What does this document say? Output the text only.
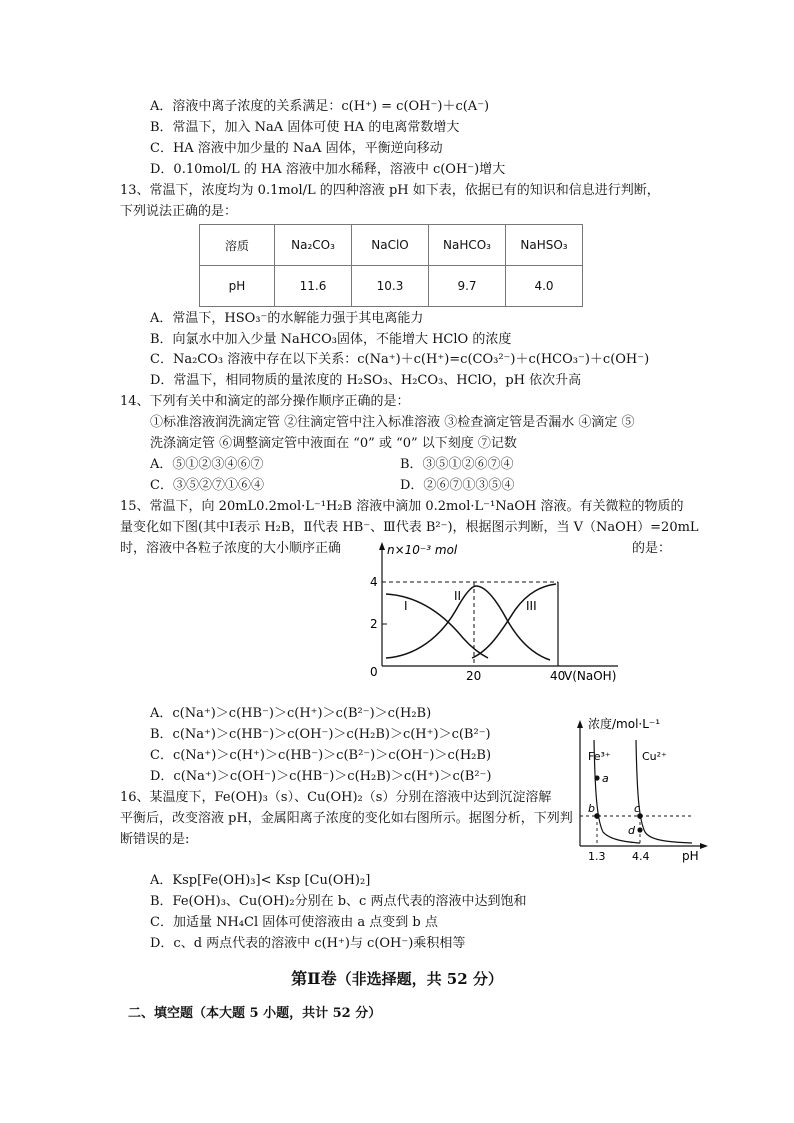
A．溶液中离子浓度的关系满足：c(H⁺) = c(OH⁻)＋c(A⁻)
B．常温下，加入 NaA 固体可使 HA 的电离常数增大
C．HA 溶液中加少量的 NaA 固体，平衡逆向移动
D．0.10mol/L 的 HA 溶液中加水稀释，溶液中 c(OH⁻)增大
13、常温下，浓度均为 0.1mol/L 的四种溶液 pH 如下表，依据已有的知识和信息进行判断，
下列说法正确的是：
溶质	Na₂CO₃	NaClO	NaHCO₃	NaHSO₃
pH	11.6	10.3	9.7	4.0
A．常温下，HSO₃⁻的水解能力强于其电离能力
B．向氯水中加入少量 NaHCO₃固体，不能增大 HClO 的浓度
C．Na₂CO₃ 溶液中存在以下关系：c(Na⁺)＋c(H⁺)=c(CO₃²⁻)＋c(HCO₃⁻)＋c(OH⁻)
D．常温下，相同物质的量浓度的 H₂SO₃、H₂CO₃、HClO，pH 依次升高
14、下列有关中和滴定的部分操作顺序正确的是：
①标准溶液润洗滴定管 ②往滴定管中注入标准溶液 ③检查滴定管是否漏水 ④滴定 ⑤
洗涤滴定管 ⑥调整滴定管中液面在 “0” 或 “0” 以下刻度 ⑦记数
A．⑤①②③④⑥⑦	B．③⑤①②⑥⑦④
C．③⑤②⑦①⑥④	D．②⑥⑦①③⑤④
15、常温下，向 20mL0.2mol·L⁻¹H₂B 溶液中滴加 0.2mol·L⁻¹NaOH 溶液。有关微粒的物质的
量变化如下图(其中Ⅰ表示 H₂B，Ⅱ代表 HB⁻、Ⅲ代表 B²⁻)，根据图示判断，当 V（NaOH）=20mL
时，溶液中各粒子浓度的大小顺序正确	的是：
n×10⁻³ mol
4
2
0	20	40
V(NaOH)
I
II
III
A．c(Na⁺)＞c(HB⁻)＞c(H⁺)＞c(B²⁻)＞c(H₂B)
B．c(Na⁺)＞c(HB⁻)＞c(OH⁻)＞c(H₂B)＞c(H⁺)＞c(B²⁻)
C．c(Na⁺)＞c(H⁺)＞c(HB⁻)＞c(B²⁻)＞c(OH⁻)＞c(H₂B)
D．c(Na⁺)＞c(OH⁻)＞c(HB⁻)＞c(H₂B)＞c(H⁺)＞c(B²⁻)
浓度/mol·L⁻¹
Fe³⁺	Cu²⁺
a
b	c
d
1.3 4.4	pH
16、某温度下，Fe(OH)₃（s）、Cu(OH)₂（s）分别在溶液中达到沉淀溶解
平衡后，改变溶液 pH，金属阳离子浓度的变化如右图所示。据图分析，下列判
断错误的是:
A．Ksp[Fe(OH)₃]< Ksp [Cu(OH)₂]
B．Fe(OH)₃、Cu(OH)₂分别在 b、c 两点代表的溶液中达到饱和
C．加适量 NH₄Cl 固体可使溶液由 a 点变到 b 点
D．c、d 两点代表的溶液中 c(H⁺)与 c(OH⁻)乘积相等
第Ⅱ卷（非选择题，共 52 分）
二、填空题（本大题 5 小题，共计 52 分）
